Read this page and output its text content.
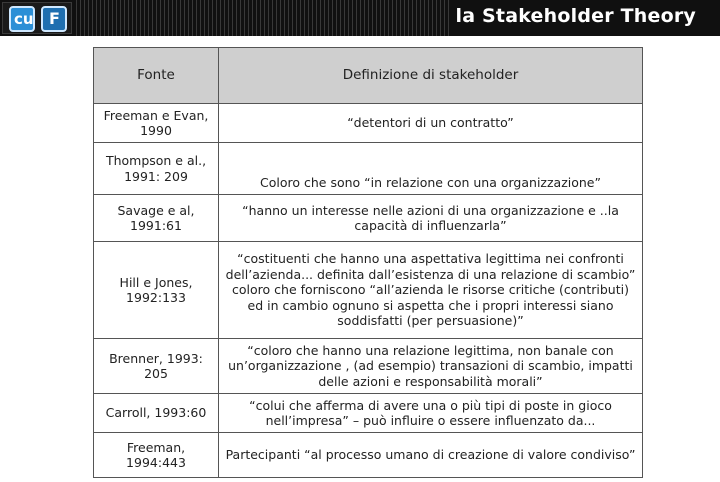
cu F	la Stakeholder Theory
Fonte	Definizione di stakeholder
Freeman e Evan, 1990	“detentori di un contratto”
Thompson e al., 1991: 209	Coloro che sono “in relazione con una organizzazione”
Savage e al, 1991:61	“hanno un interesse nelle azioni di una organizzazione e ..la capacità di influenzarla”
Hill e Jones, 1992:133	“costituenti che hanno una aspettativa legittima nei confronti dell’azienda... definita dall’esistenza di una relazione di scambio” coloro che forniscono “all’azienda le risorse critiche (contributi) ed in cambio ognuno si aspetta che i propri interessi siano soddisfatti (per persuasione)”
Brenner, 1993: 205	“coloro che hanno una relazione legittima, non banale con un’organizzazione , (ad esempio) transazioni di scambio, impatti delle azioni e responsabilità morali”
Carroll, 1993:60	“colui che afferma di avere una o più tipi di poste in gioco nell’impresa” – può influire o essere influenzato da...
Freeman, 1994:443	Partecipanti “al processo umano di creazione di valore condiviso”
